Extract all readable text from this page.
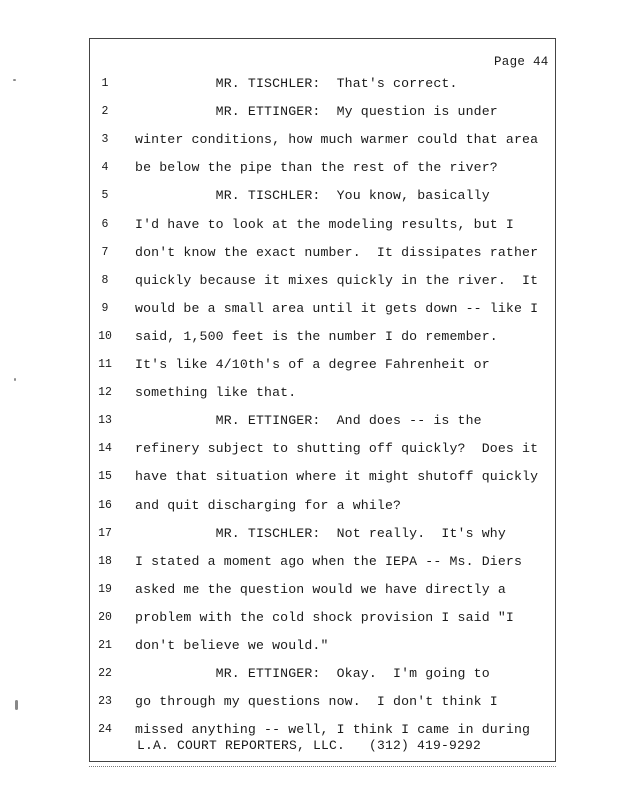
Page 44
1	MR. TISCHLER:  That's correct.
2	MR. ETTINGER:  My question is under
3	winter conditions, how much warmer could that area
4	be below the pipe than the rest of the river?
5	MR. TISCHLER:  You know, basically
6	I'd have to look at the modeling results, but I
7	don't know the exact number.  It dissipates rather
8	quickly because it mixes quickly in the river.  It
9	would be a small area until it gets down -- like I
10	said, 1,500 feet is the number I do remember.
11	It's like 4/10th's of a degree Fahrenheit or
12	something like that.
13	MR. ETTINGER:  And does -- is the
14	refinery subject to shutting off quickly?  Does it
15	have that situation where it might shutoff quickly
16	and quit discharging for a while?
17	MR. TISCHLER:  Not really.  It's why
18	I stated a moment ago when the IEPA -- Ms. Diers
19	asked me the question would we have directly a
20	problem with the cold shock provision I said "I
21	don't believe we would."
22	MR. ETTINGER:  Okay.  I'm going to
23	go through my questions now.  I don't think I
24	missed anything -- well, I think I came in during
L.A. COURT REPORTERS, LLC.   (312) 419-9292
